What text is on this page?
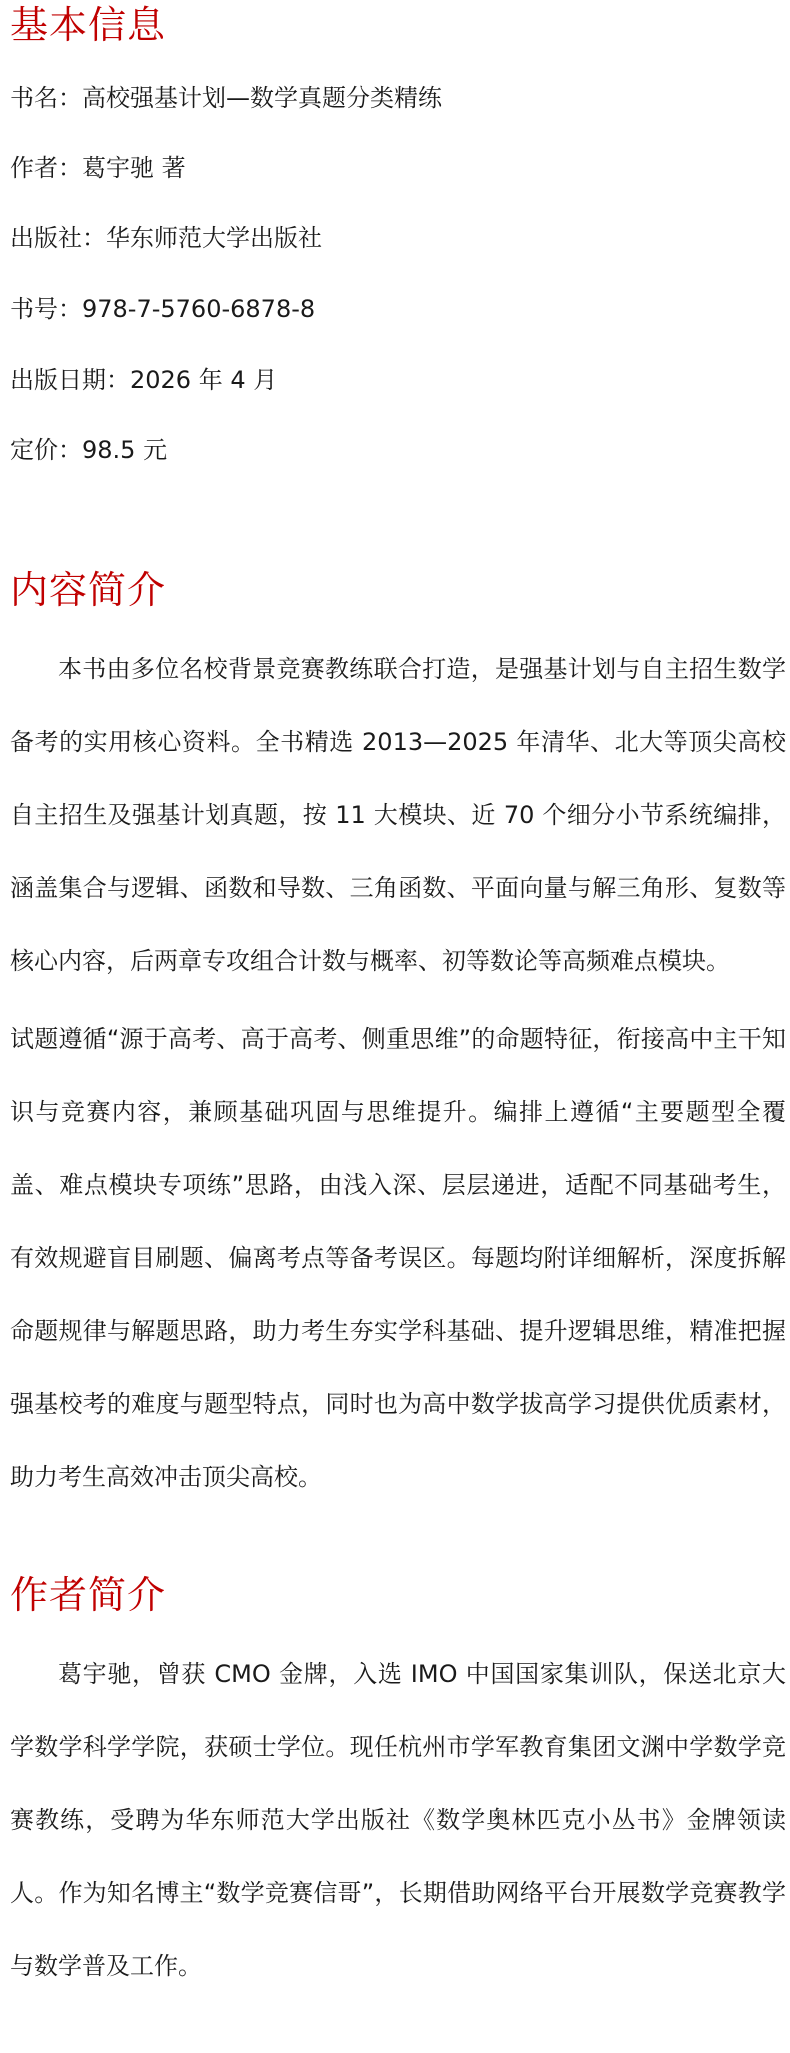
基本信息

书名：高校强基计划—数学真题分类精练

作者：葛宇驰 著

出版社：华东师范大学出版社

书号：978-7-5760-6878-8

出版日期：2026 年 4 月

定价：98.5 元

内容简介

本书由多位名校背景竞赛教练联合打造，是强基计划与自主招生数学备考的实用核心资料。全书精选 2013—2025 年清华、北大等顶尖高校自主招生及强基计划真题，按 11 大模块、近 70 个细分小节系统编排，涵盖集合与逻辑、函数和导数、三角函数、平面向量与解三角形、复数等核心内容，后两章专攻组合计数与概率、初等数论等高频难点模块。

试题遵循“源于高考、高于高考、侧重思维”的命题特征，衔接高中主干知识与竞赛内容，兼顾基础巩固与思维提升。编排上遵循“主要题型全覆盖、难点模块专项练”思路，由浅入深、层层递进，适配不同基础考生，有效规避盲目刷题、偏离考点等备考误区。每题均附详细解析，深度拆解命题规律与解题思路，助力考生夯实学科基础、提升逻辑思维，精准把握强基校考的难度与题型特点，同时也为高中数学拔高学习提供优质素材，助力考生高效冲击顶尖高校。

作者简介

葛宇驰，曾获 CMO 金牌，入选 IMO 中国国家集训队，保送北京大学数学科学学院，获硕士学位。现任杭州市学军教育集团文渊中学数学竞赛教练，受聘为华东师范大学出版社《数学奥林匹克小丛书》金牌领读人。作为知名博主“数学竞赛信哥”，长期借助网络平台开展数学竞赛教学与数学普及工作。
